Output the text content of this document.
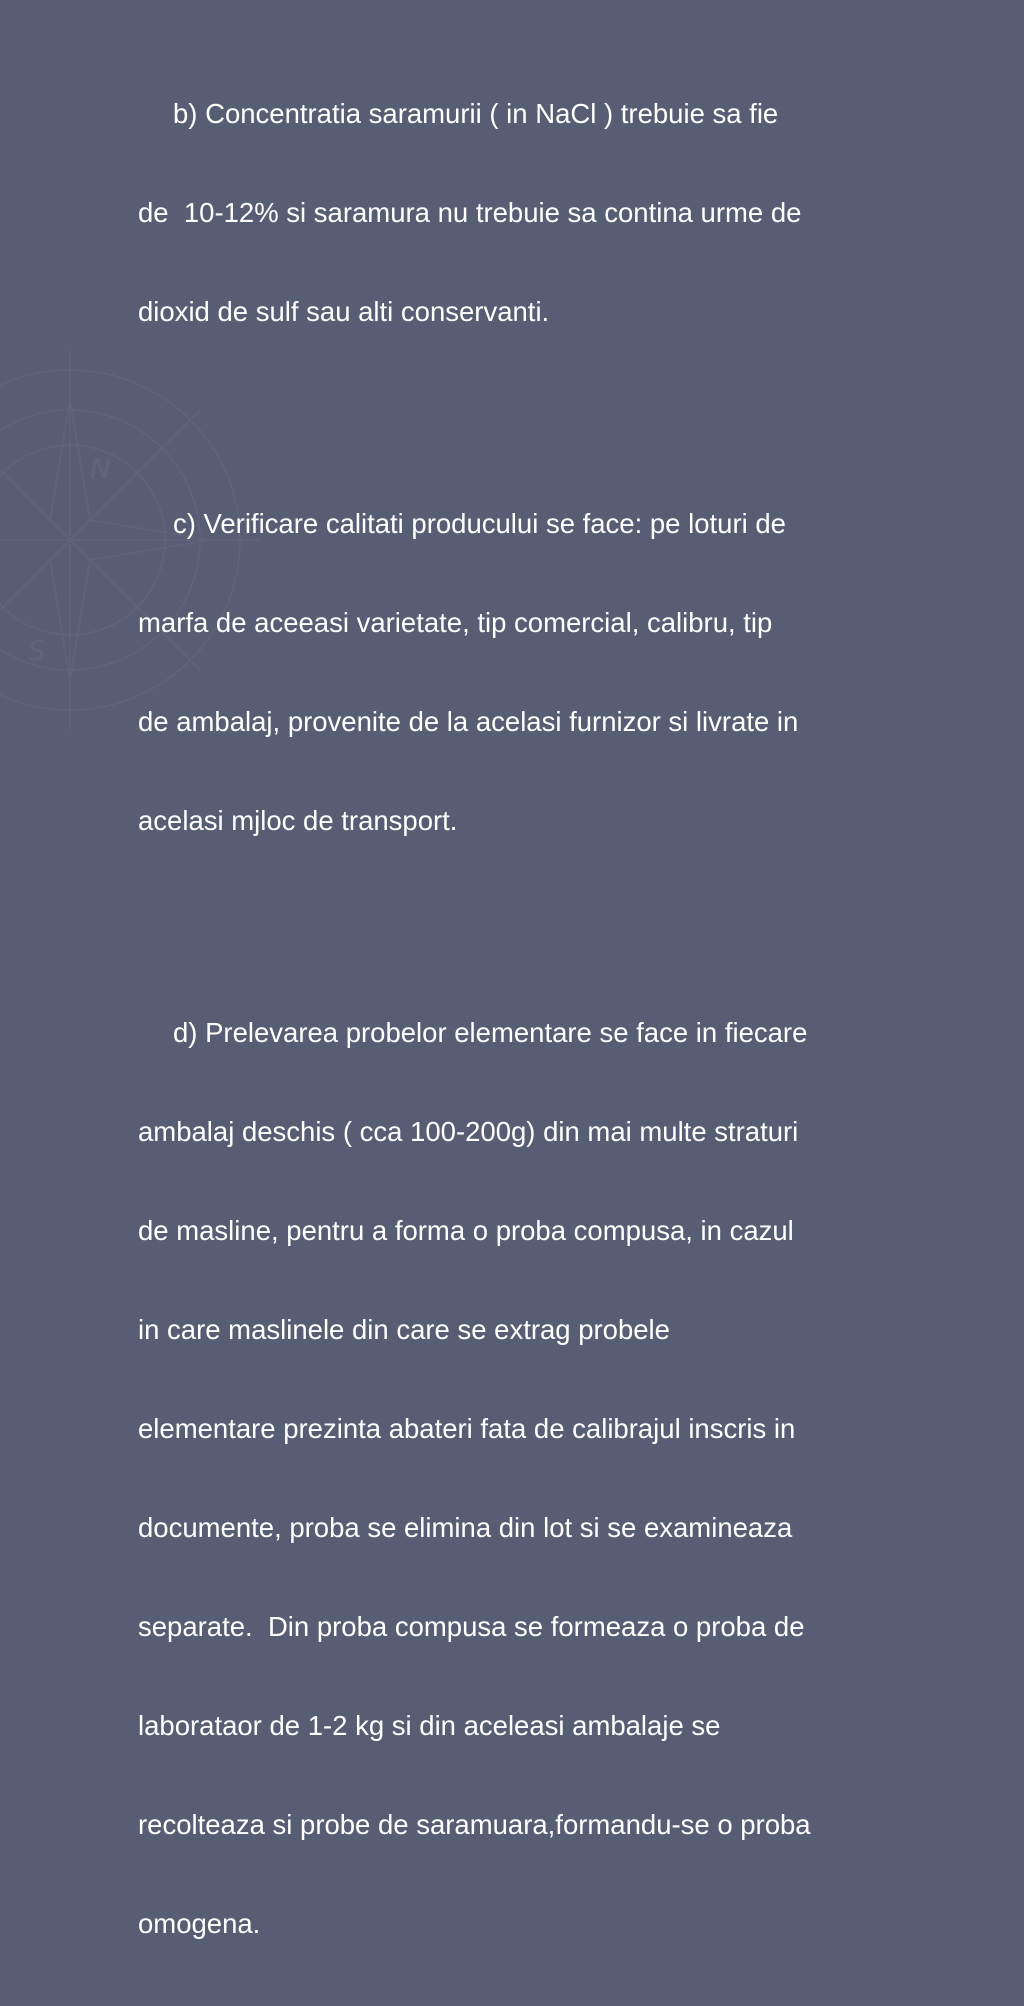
N
S

b) Concentratia saramurii ( in NaCl ) trebuie sa fie

de  10-12% si saramura nu trebuie sa contina urme de

dioxid de sulf sau alti conservanti.

c) Verificare calitati producului se face: pe loturi de

marfa de aceeasi varietate, tip comercial, calibru, tip

de ambalaj, provenite de la acelasi furnizor si livrate in

acelasi mjloc de transport.

d) Prelevarea probelor elementare se face in fiecare

ambalaj deschis ( cca 100-200g) din mai multe straturi

de masline, pentru a forma o proba compusa, in cazul

in care maslinele din care se extrag probele

elementare prezinta abateri fata de calibrajul inscris in

documente, proba se elimina din lot si se examineaza

separate.  Din proba compusa se formeaza o proba de

laborataor de 1-2 kg si din aceleasi ambalaje se

recolteaza si probe de saramuara,formandu-se o proba

omogena.
